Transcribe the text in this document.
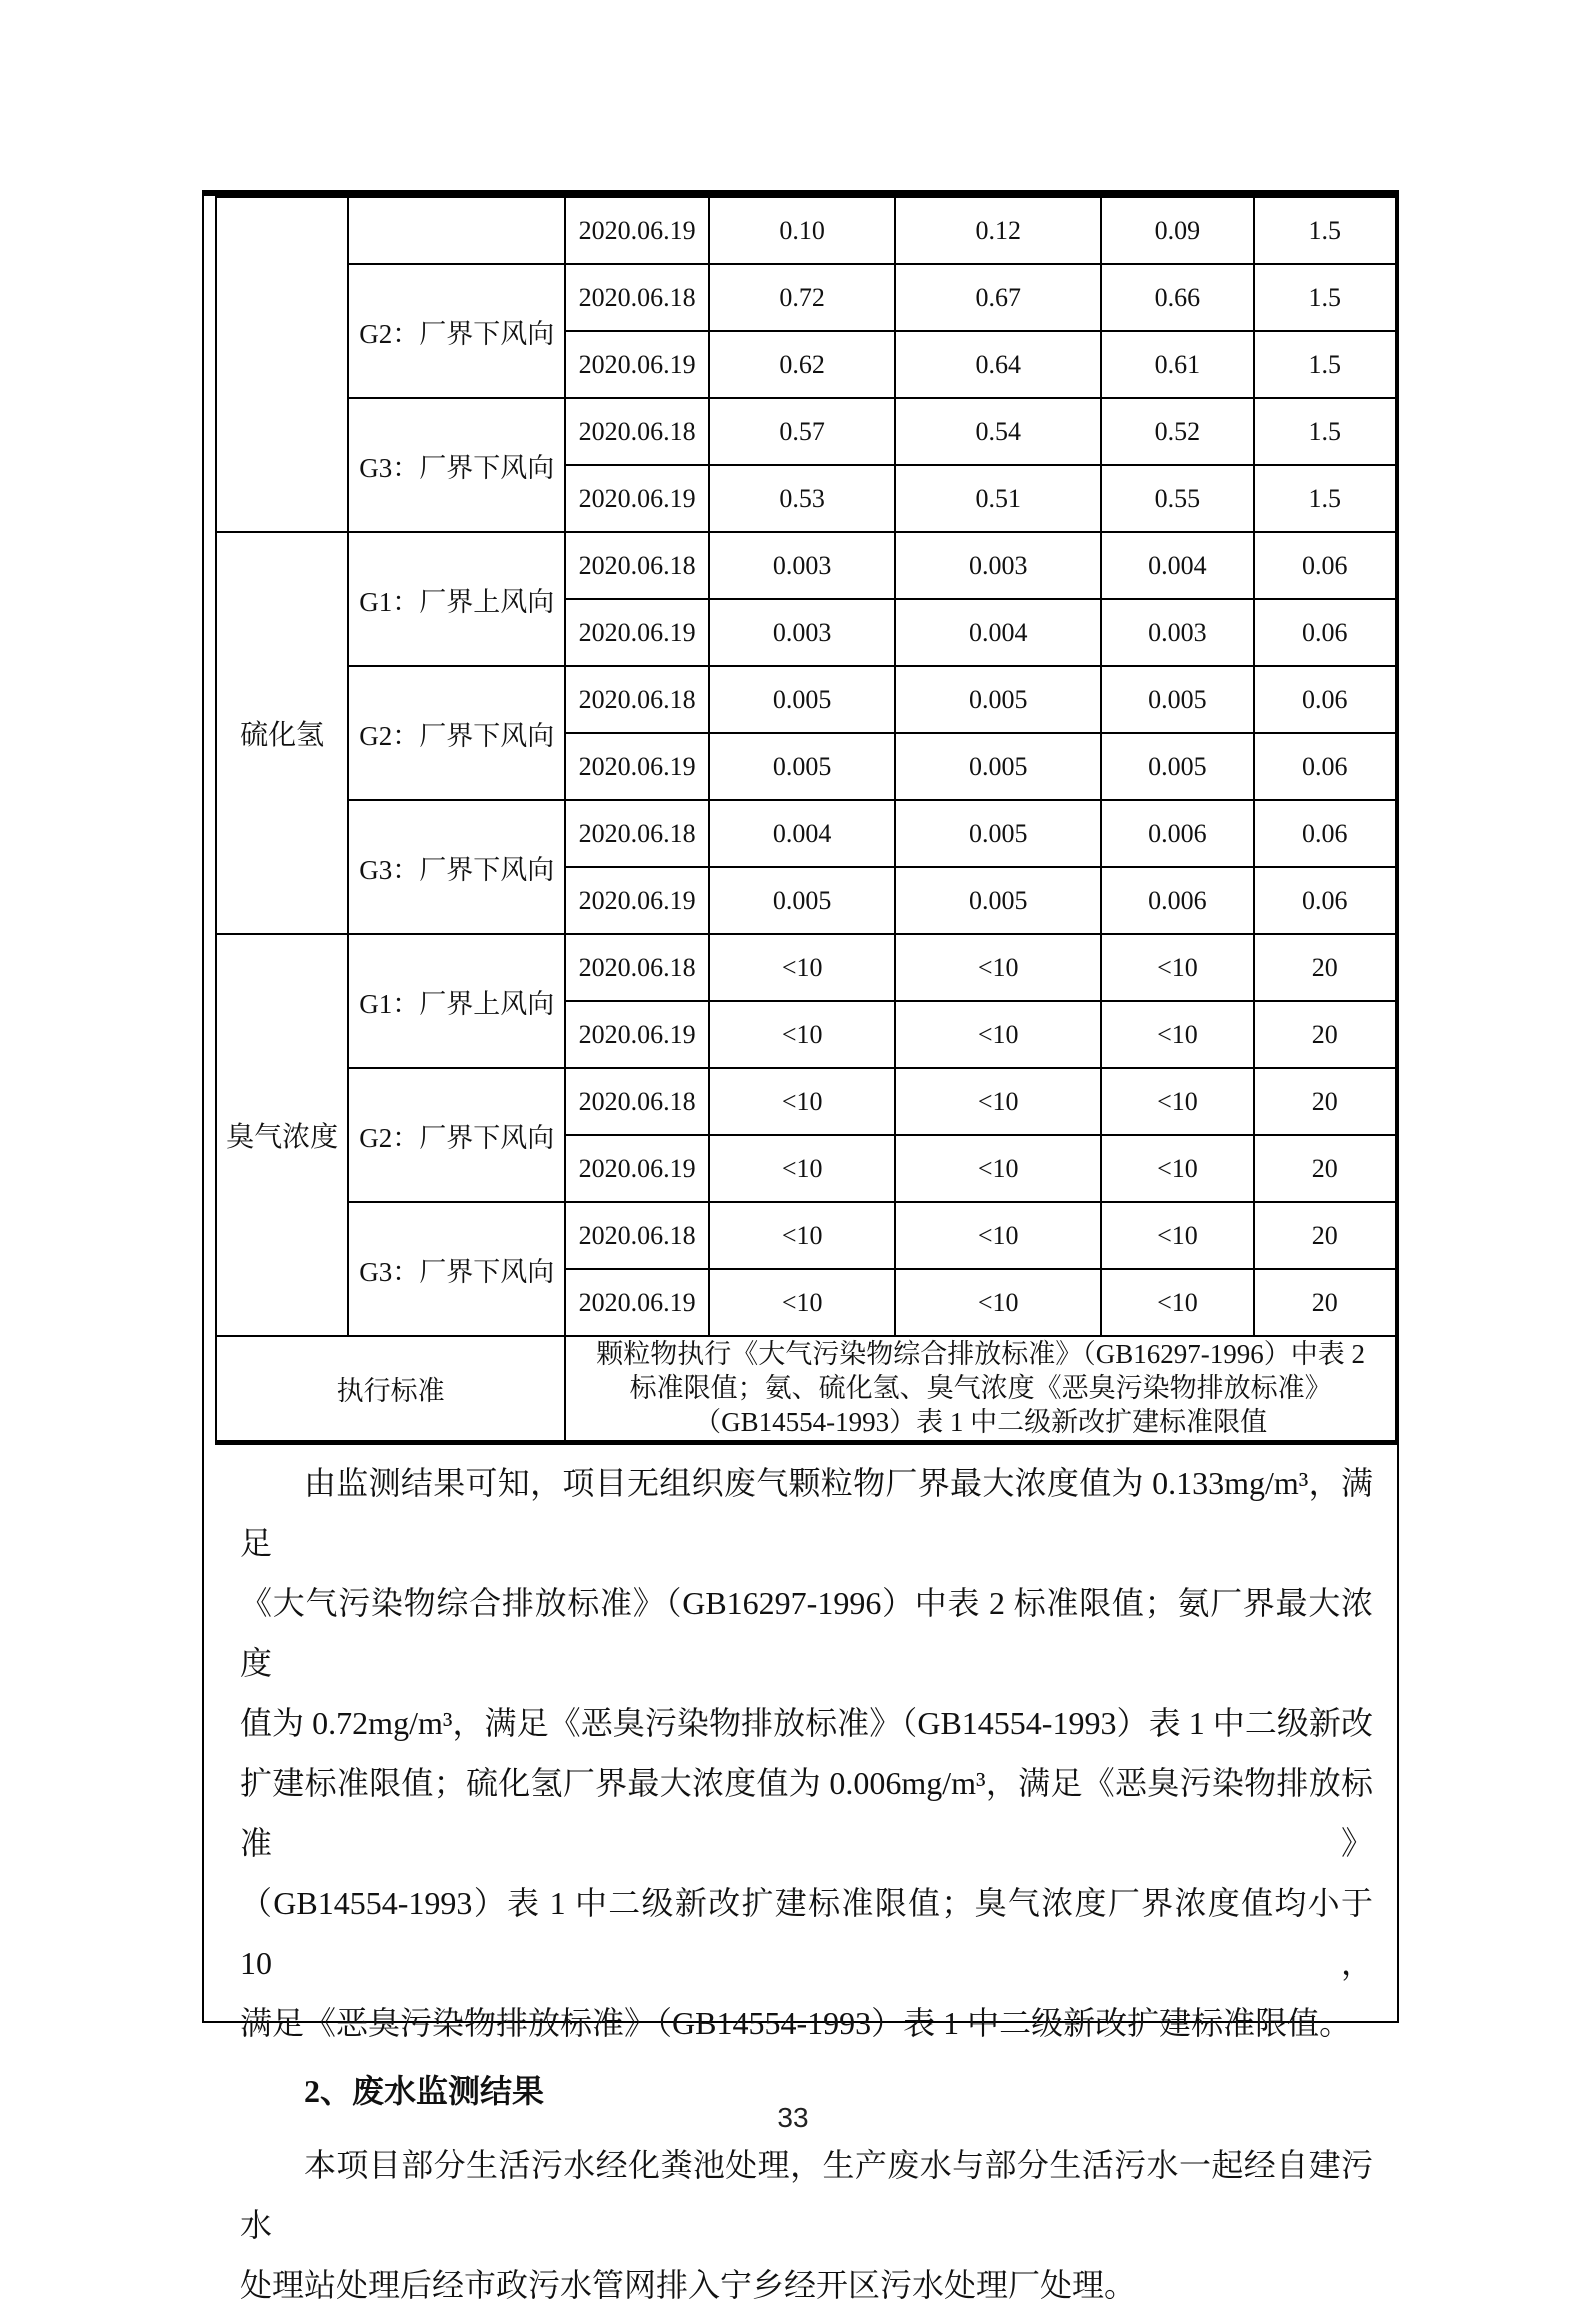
		2020.06.19	0.10	0.12	0.09	1.5
	G2：厂界下风向	2020.06.18	0.72	0.67	0.66	1.5
		2020.06.19	0.62	0.64	0.61	1.5
	G3：厂界下风向	2020.06.18	0.57	0.54	0.52	1.5
		2020.06.19	0.53	0.51	0.55	1.5
硫化氢	G1：厂界上风向	2020.06.18	0.003	0.003	0.004	0.06
		2020.06.19	0.003	0.004	0.003	0.06
	G2：厂界下风向	2020.06.18	0.005	0.005	0.005	0.06
		2020.06.19	0.005	0.005	0.005	0.06
	G3：厂界下风向	2020.06.18	0.004	0.005	0.006	0.06
		2020.06.19	0.005	0.005	0.006	0.06
臭气浓度	G1：厂界上风向	2020.06.18	<10	<10	<10	20
		2020.06.19	<10	<10	<10	20
	G2：厂界下风向	2020.06.18	<10	<10	<10	20
		2020.06.19	<10	<10	<10	20
	G3：厂界下风向	2020.06.18	<10	<10	<10	20
		2020.06.19	<10	<10	<10	20
执行标准		颗粒物执行《大气污染物综合排放标准》（GB16297-1996）中表 2
标准限值；氨、硫化氢、臭气浓度《恶臭污染物排放标准》
（GB14554-1993）表 1 中二级新改扩建标准限值				
由监测结果可知，项目无组织废气颗粒物厂界最大浓度值为 0.133mg/m³，满足
《大气污染物综合排放标准》（GB16297-1996）中表 2 标准限值；氨厂界最大浓度
值为 0.72mg/m³，满足《恶臭污染物排放标准》（GB14554-1993）表 1 中二级新改
扩建标准限值；硫化氢厂界最大浓度值为 0.006mg/m³，满足《恶臭污染物排放标准》
（GB14554-1993）表 1 中二级新改扩建标准限值；臭气浓度厂界浓度值均小于 10，
满足《恶臭污染物排放标准》（GB14554-1993）表 1 中二级新改扩建标准限值。
2、废水监测结果
本项目部分生活污水经化粪池处理，生产废水与部分生活污水一起经自建污水
处理站处理后经市政污水管网排入宁乡经开区污水处理厂处理。
33
